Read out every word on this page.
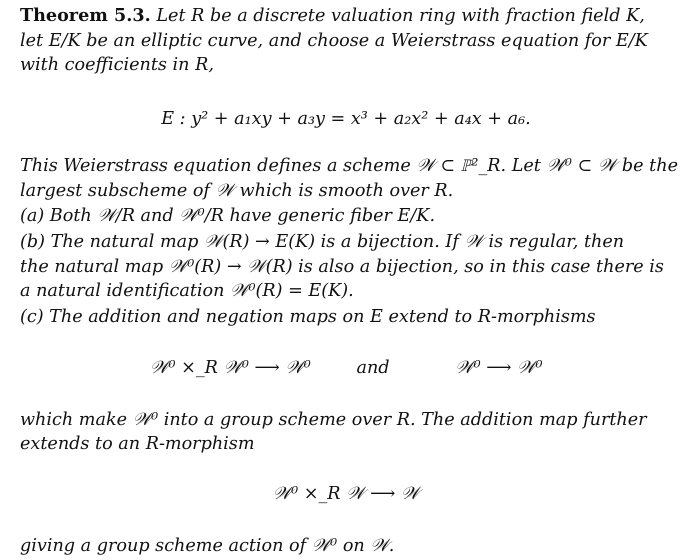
Theorem 5.3. Let R be a discrete valuation ring with fraction field K,
let E/K be an elliptic curve, and choose a Weierstrass equation for E/K
with coefficients in R,
E : y² + a₁xy + a₃y = x³ + a₂x² + a₄x + a₆.
This Weierstrass equation defines a scheme 𝒲 ⊂ ℙ²_R. Let 𝒲⁰ ⊂ 𝒲 be the
largest subscheme of 𝒲 which is smooth over R.
(a) Both 𝒲/R and 𝒲⁰/R have generic fiber E/K.
(b) The natural map 𝒲(R) → E(K) is a bijection. If 𝒲 is regular, then
the natural map 𝒲⁰(R) → 𝒲(R) is also a bijection, so in this case there is
a natural identification 𝒲⁰(R) = E(K).
(c) The addition and negation maps on E extend to R-morphisms
𝒲⁰ ×_R 𝒲⁰ ⟶ 𝒲⁰	and	𝒲⁰ ⟶ 𝒲⁰
which make 𝒲⁰ into a group scheme over R. The addition map further
extends to an R-morphism
𝒲⁰ ×_R 𝒲 ⟶ 𝒲
giving a group scheme action of 𝒲⁰ on 𝒲.
